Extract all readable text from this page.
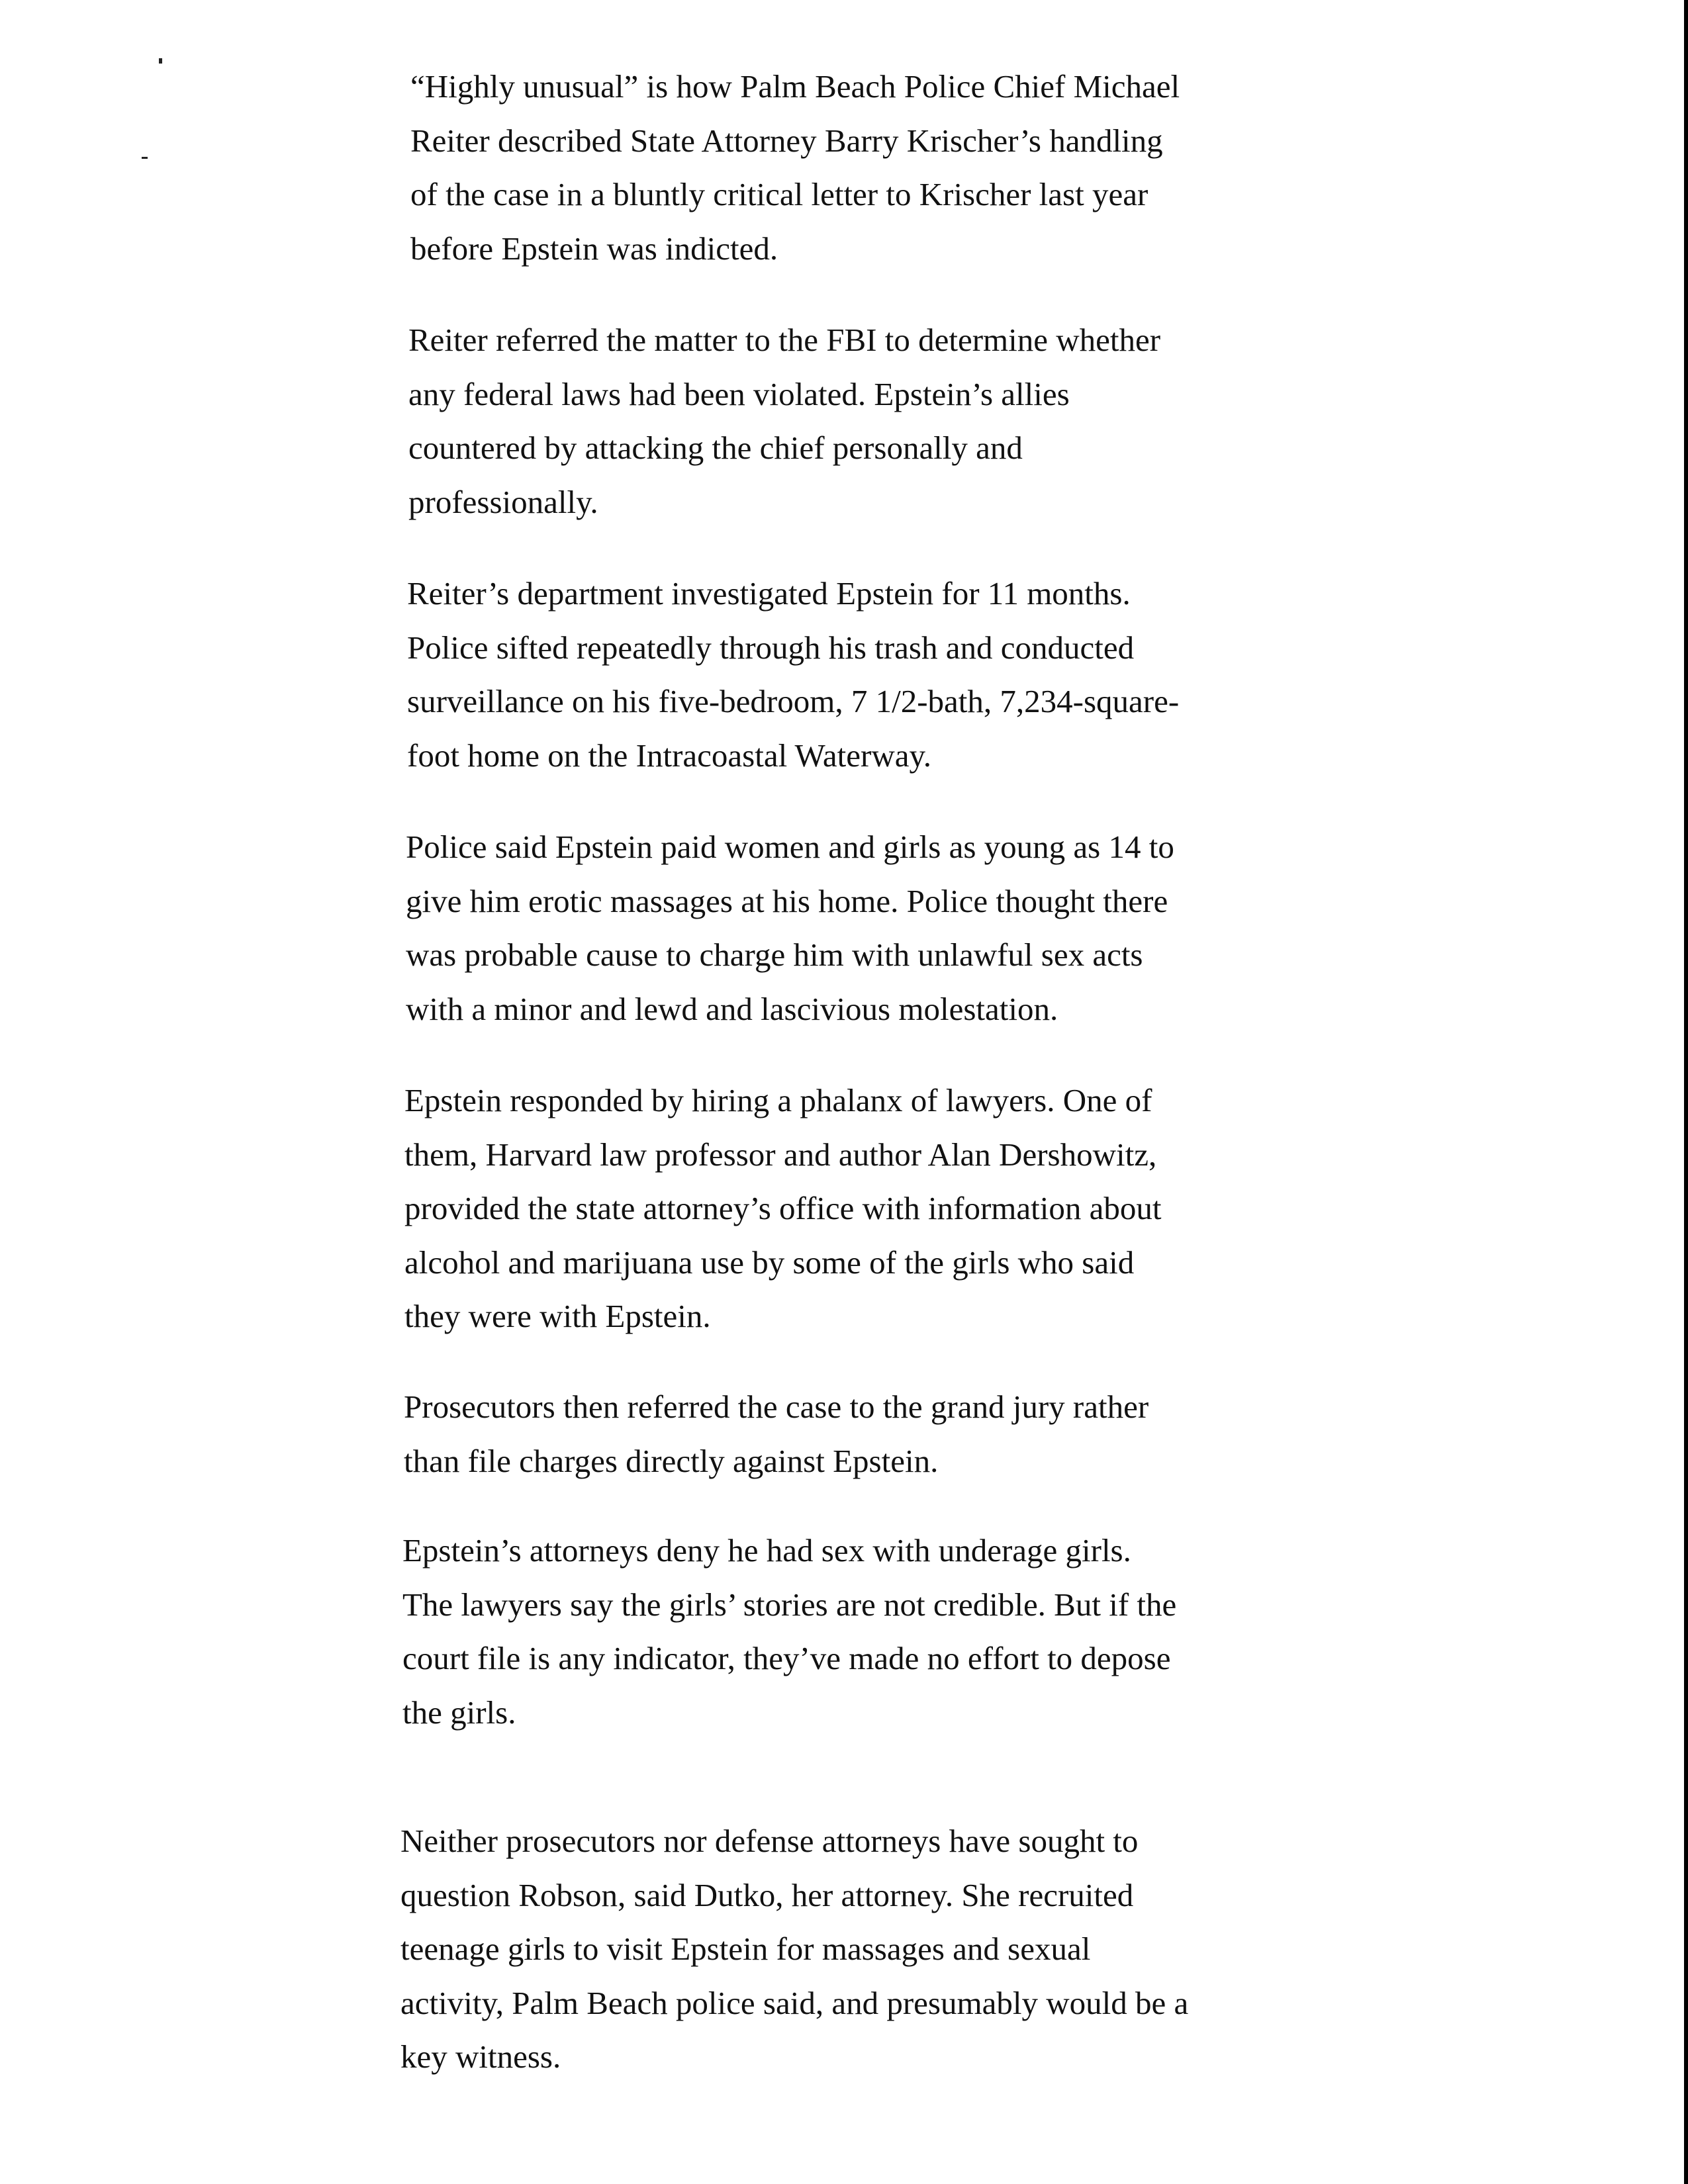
“Highly unusual” is how Palm Beach Police Chief Michael
Reiter described State Attorney Barry Krischer’s handling
of the case in a bluntly critical letter to Krischer last year
before Epstein was indicted.
Reiter referred the matter to the FBI to determine whether
any federal laws had been violated. Epstein’s allies
countered by attacking the chief personally and
professionally.
Reiter’s department investigated Epstein for 11 months.
Police sifted repeatedly through his trash and conducted
surveillance on his five-bedroom, 7 1/2-bath, 7,234-square-
foot home on the Intracoastal Waterway.
Police said Epstein paid women and girls as young as 14 to
give him erotic massages at his home. Police thought there
was probable cause to charge him with unlawful sex acts
with a minor and lewd and lascivious molestation.
Epstein responded by hiring a phalanx of lawyers. One of
them, Harvard law professor and author Alan Dershowitz,
provided the state attorney’s office with information about
alcohol and marijuana use by some of the girls who said
they were with Epstein.
Prosecutors then referred the case to the grand jury rather
than file charges directly against Epstein.
Epstein’s attorneys deny he had sex with underage girls.
The lawyers say the girls’ stories are not credible. But if the
court file is any indicator, they’ve made no effort to depose
the girls.
Neither prosecutors nor defense attorneys have sought to
question Robson, said Dutko, her attorney. She recruited
teenage girls to visit Epstein for massages and sexual
activity, Palm Beach police said, and presumably would be a
key witness.
